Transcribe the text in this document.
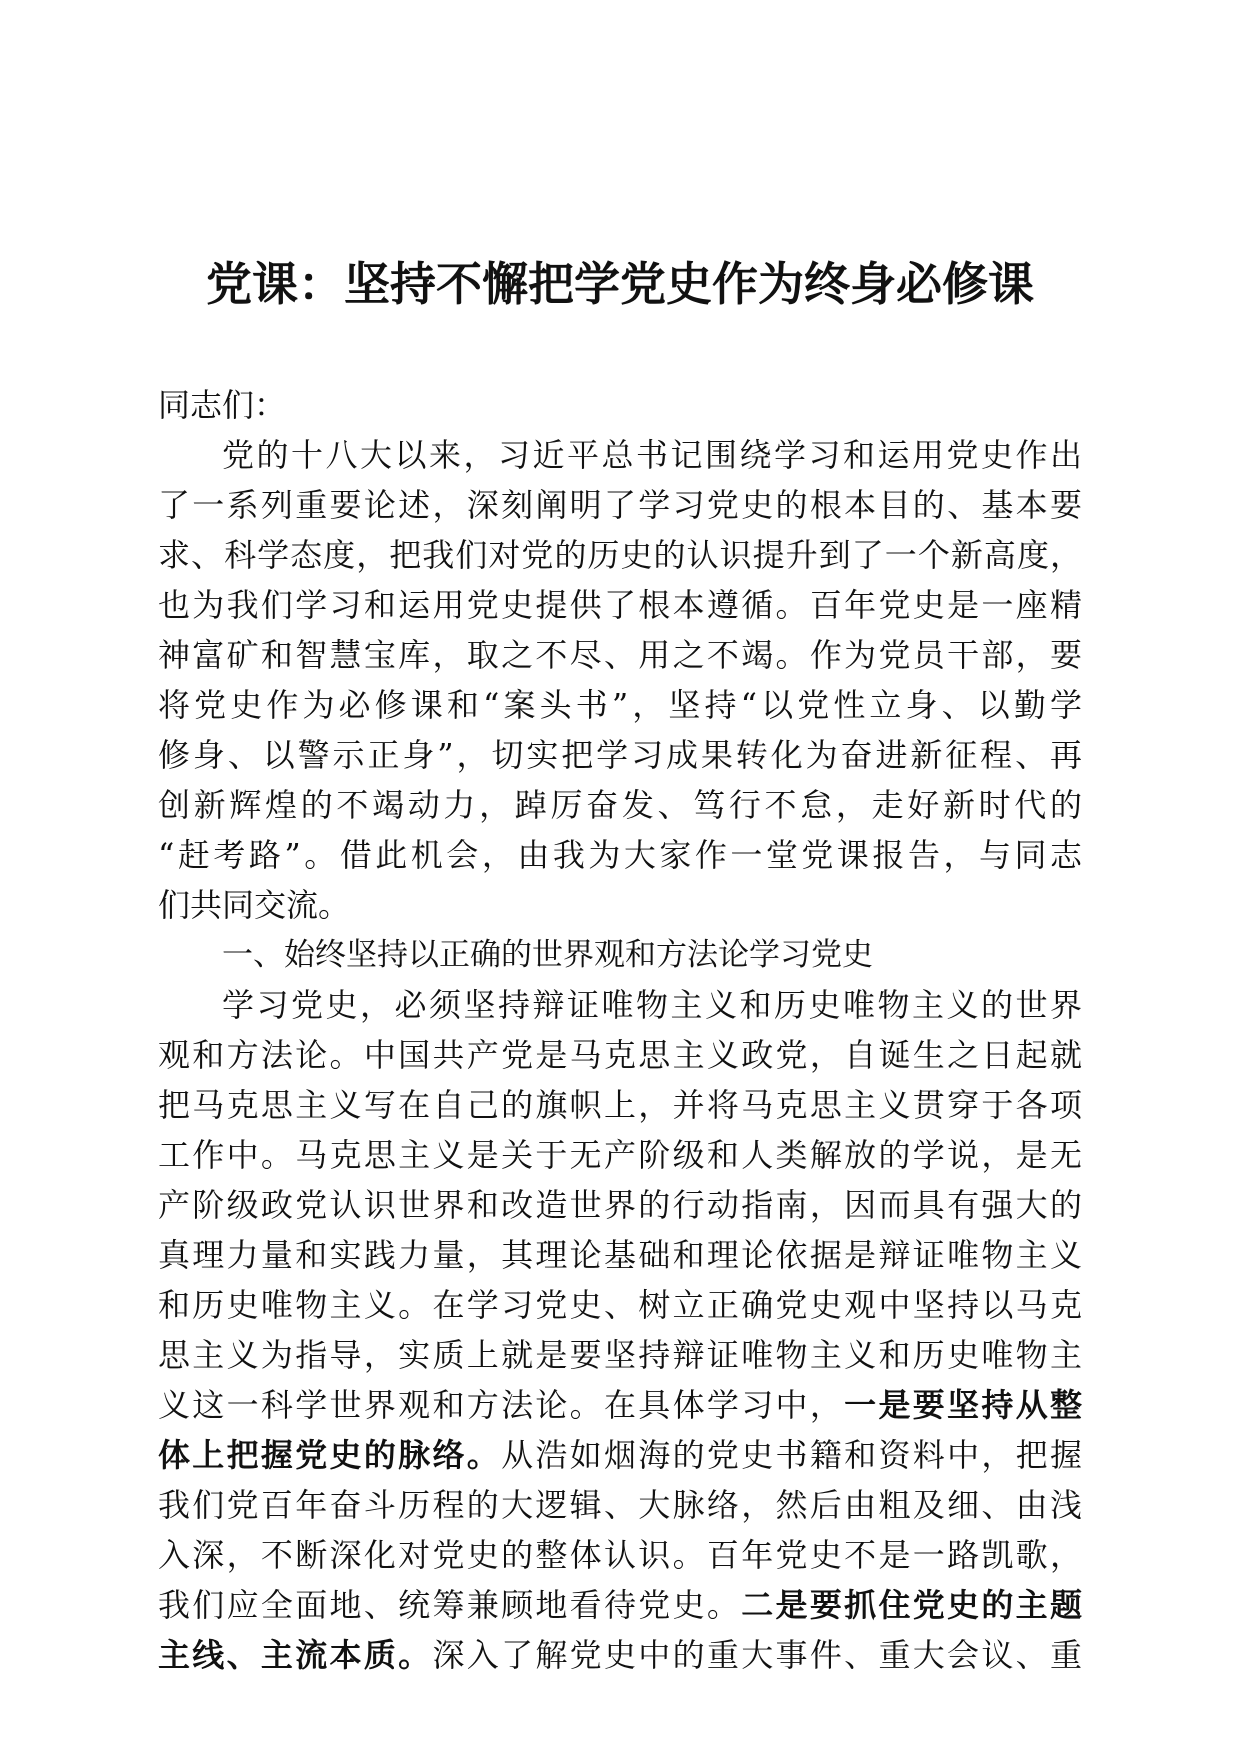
党课：坚持不懈把学党史作为终身必修课
同志们：
党的十八大以来，习近平总书记围绕学习和运用党史作出
了一系列重要论述，深刻阐明了学习党史的根本目的、基本要
求、科学态度，把我们对党的历史的认识提升到了一个新高度，
也为我们学习和运用党史提供了根本遵循。百年党史是一座精
神富矿和智慧宝库，取之不尽、用之不竭。作为党员干部，要
将党史作为必修课和“案头书”，坚持“以党性立身、以勤学
修身、以警示正身”，切实把学习成果转化为奋进新征程、再
创新辉煌的不竭动力，踔厉奋发、笃行不怠，走好新时代的
“赶考路”。借此机会，由我为大家作一堂党课报告，与同志
们共同交流。
一、始终坚持以正确的世界观和方法论学习党史
学习党史，必须坚持辩证唯物主义和历史唯物主义的世界
观和方法论。中国共产党是马克思主义政党，自诞生之日起就
把马克思主义写在自己的旗帜上，并将马克思主义贯穿于各项
工作中。马克思主义是关于无产阶级和人类解放的学说，是无
产阶级政党认识世界和改造世界的行动指南，因而具有强大的
真理力量和实践力量，其理论基础和理论依据是辩证唯物主义
和历史唯物主义。在学习党史、树立正确党史观中坚持以马克
思主义为指导，实质上就是要坚持辩证唯物主义和历史唯物主
义这一科学世界观和方法论。在具体学习中，一是要坚持从整
体上把握党史的脉络。从浩如烟海的党史书籍和资料中，把握
我们党百年奋斗历程的大逻辑、大脉络，然后由粗及细、由浅
入深，不断深化对党史的整体认识。百年党史不是一路凯歌，
我们应全面地、统筹兼顾地看待党史。二是要抓住党史的主题
主线、主流本质。深入了解党史中的重大事件、重大会议、重
